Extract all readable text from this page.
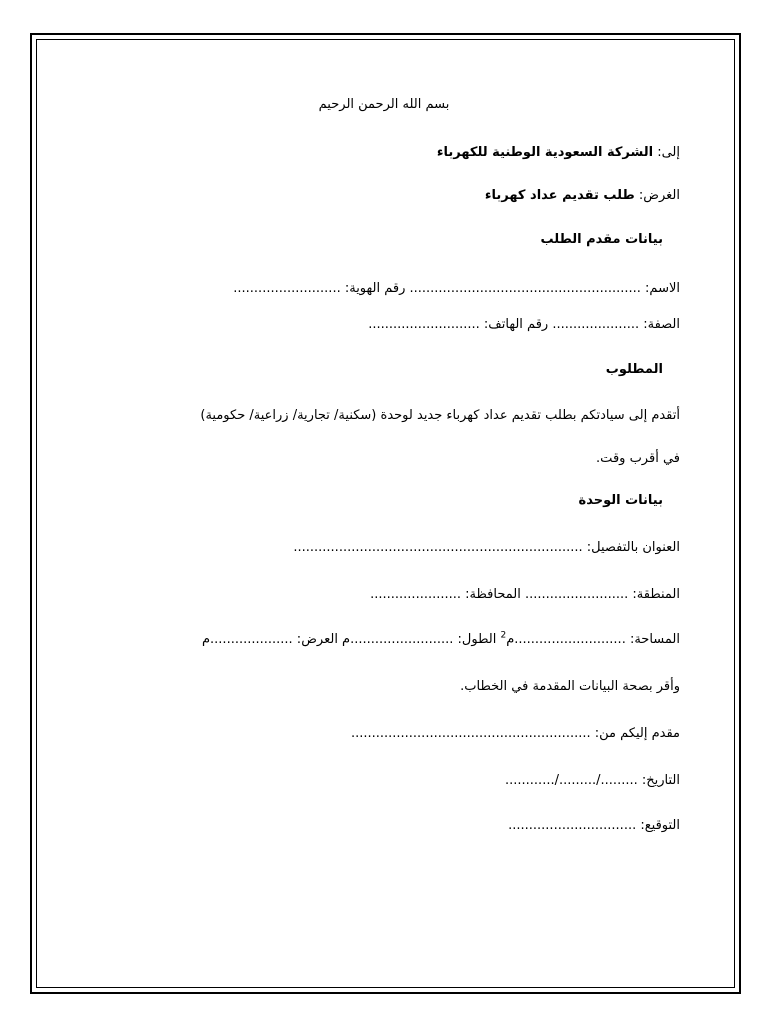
بسم الله الرحمن الرحيم
إلى: الشركة السعودية الوطنية للكهرباء
الغرض: طلب تقديم عداد كهرباء
بيانات مقدم الطلب
الاسم: ........................................................ رقم الهوية: ..........................
الصفة: ..................... رقم الهاتف: ...........................
المطلوب
أتقدم إلى سيادتكم بطلب تقديم عداد كهرباء جديد لوحدة (سكنية/ تجارية/ زراعية/ حكومية)
في أقرب وقت.
بيانات الوحدة
العنوان بالتفصيل: ......................................................................
المنطقة: ......................... المحافظة: ......................
المساحة: ...........................م$^2$ الطول: .........................م العرض: ....................م
وأقر بصحة البيانات المقدمة في الخطاب.
مقدم إليكم من: ..........................................................
التاريخ: ........./........./............
التوقيع: ...............................
